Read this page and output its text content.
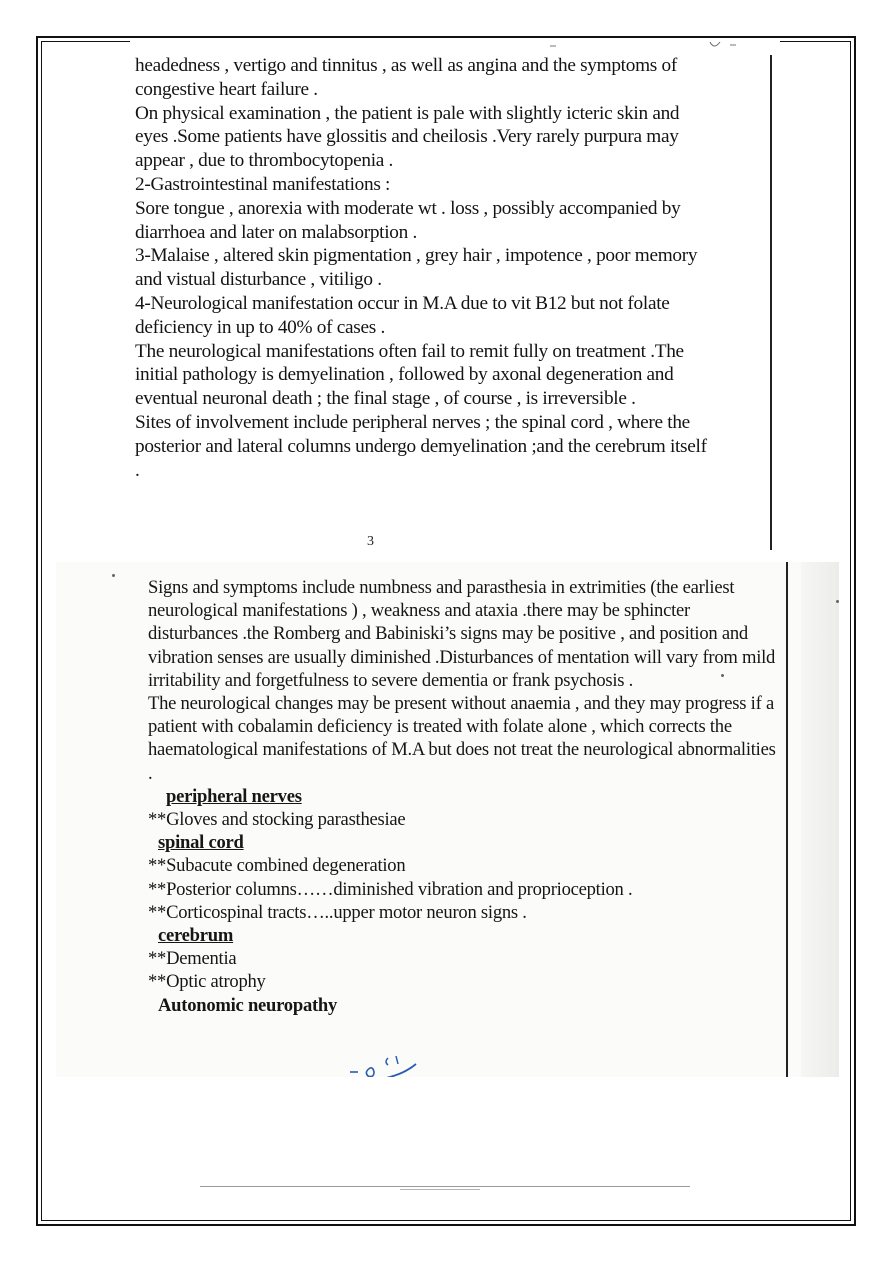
headedness , vertigo and tinnitus , as well as angina and the symptoms of congestive heart failure .

On physical examination , the patient is pale with slightly icteric skin and eyes .Some patients have glossitis and cheilosis .Very rarely purpura may appear , due to thrombocytopenia .

2-Gastrointestinal manifestations :

Sore tongue , anorexia with moderate wt . loss , possibly accompanied by diarrhoea and later on malabsorption .

3-Malaise , altered skin pigmentation , grey hair , impotence , poor memory and vistual disturbance , vitiligo .

4-Neurological manifestation occur in M.A due to vit B12 but not folate deficiency in up to 40% of cases .

The neurological manifestations often fail to remit fully on treatment .The initial pathology is demyelination , followed by axonal degeneration and eventual neuronal death ; the final stage , of course , is irreversible .

Sites of involvement include peripheral nerves ; the spinal cord , where the posterior and lateral columns undergo demyelination ;and the cerebrum itself .

3

Signs and symptoms include numbness and parasthesia in extrimities (the earliest neurological manifestations ) , weakness and ataxia .there may be sphincter disturbances .the Romberg and Babiniski’s signs may be positive , and position and vibration senses are usually diminished .Disturbances of mentation will vary from mild irritability and forgetfulness to severe dementia or frank psychosis .

The neurological changes may be present without anaemia , and they may progress if a patient with cobalamin deficiency is treated with folate alone , which corrects the haematological manifestations of M.A but does not treat the neurological abnormalities .

peripheral nerves

**Gloves and stocking parasthesiae

spinal cord

**Subacute combined degeneration

**Posterior columns……diminished vibration and proprioception .

**Corticospinal tracts…..upper motor neuron signs .

cerebrum

**Dementia

**Optic atrophy

Autonomic neuropathy
